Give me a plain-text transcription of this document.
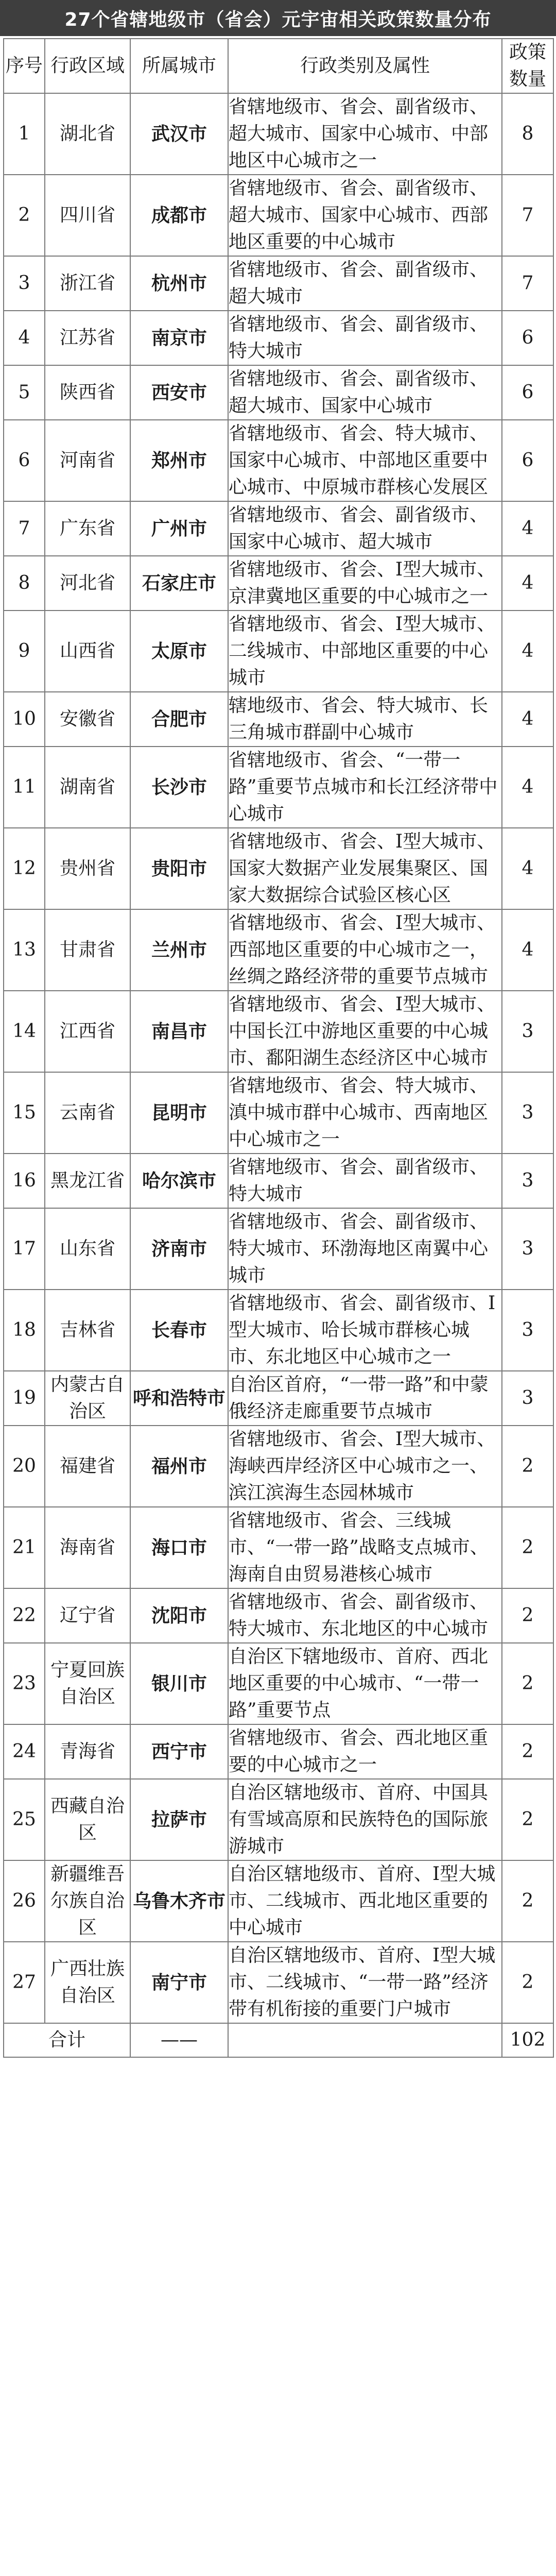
27个省辖地级市（省会）元宇宙相关政策数量分布
序号	行政区域	所属城市	行政类别及属性	政策数量
1	湖北省	武汉市	省辖地级市、省会、副省级市、超大城市、国家中心城市、中部地区中心城市之一	8
2	四川省	成都市	省辖地级市、省会、副省级市、超大城市、国家中心城市、西部地区重要的中心城市	7
3	浙江省	杭州市	省辖地级市、省会、副省级市、超大城市	7
4	江苏省	南京市	省辖地级市、省会、副省级市、特大城市	6
5	陕西省	西安市	省辖地级市、省会、副省级市、超大城市、国家中心城市	6
6	河南省	郑州市	省辖地级市、省会、特大城市、国家中心城市、中部地区重要中心城市、中原城市群核心发展区	6
7	广东省	广州市	省辖地级市、省会、副省级市、国家中心城市、超大城市	4
8	河北省	石家庄市	省辖地级市、省会、I型大城市、京津冀地区重要的中心城市之一	4
9	山西省	太原市	省辖地级市、省会、I型大城市、二线城市、中部地区重要的中心城市	4
10	安徽省	合肥市	辖地级市、省会、特大城市、长三角城市群副中心城市	4
11	湖南省	长沙市	省辖地级市、省会、“一带一路”重要节点城市和长江经济带中心城市	4
12	贵州省	贵阳市	省辖地级市、省会、I型大城市、国家大数据产业发展集聚区、国家大数据综合试验区核心区	4
13	甘肃省	兰州市	省辖地级市、省会、I型大城市、西部地区重要的中心城市之一，丝绸之路经济带的重要节点城市	4
14	江西省	南昌市	省辖地级市、省会、I型大城市、中国长江中游地区重要的中心城市、鄱阳湖生态经济区中心城市	3
15	云南省	昆明市	省辖地级市、省会、特大城市、滇中城市群中心城市、西南地区中心城市之一	3
16	黑龙江省	哈尔滨市	省辖地级市、省会、副省级市、特大城市	3
17	山东省	济南市	省辖地级市、省会、副省级市、特大城市、环渤海地区南翼中心城市	3
18	吉林省	长春市	省辖地级市、省会、副省级市、I型大城市、哈长城市群核心城市、东北地区中心城市之一	3
19	内蒙古自治区	呼和浩特市	自治区首府，“一带一路”和中蒙俄经济走廊重要节点城市	3
20	福建省	福州市	省辖地级市、省会、I型大城市、海峡西岸经济区中心城市之一、滨江滨海生态园林城市	2
21	海南省	海口市	省辖地级市、省会、三线城市、“一带一路”战略支点城市、海南自由贸易港核心城市	2
22	辽宁省	沈阳市	省辖地级市、省会、副省级市、特大城市、东北地区的中心城市	2
23	宁夏回族自治区	银川市	自治区下辖地级市、首府、西北地区重要的中心城市、“一带一路”重要节点	2
24	青海省	西宁市	省辖地级市、省会、西北地区重要的中心城市之一	2
25	西藏自治区	拉萨市	自治区辖地级市、首府、中国具有雪域高原和民族特色的国际旅游城市	2
26	新疆维吾尔族自治区	乌鲁木齐市	自治区辖地级市、首府、I型大城市、二线城市、西北地区重要的中心城市	2
27	广西壮族自治区	南宁市	自治区辖地级市、首府、I型大城市、二线城市、“一带一路”经济带有机衔接的重要门户城市	2
合计		——		102
